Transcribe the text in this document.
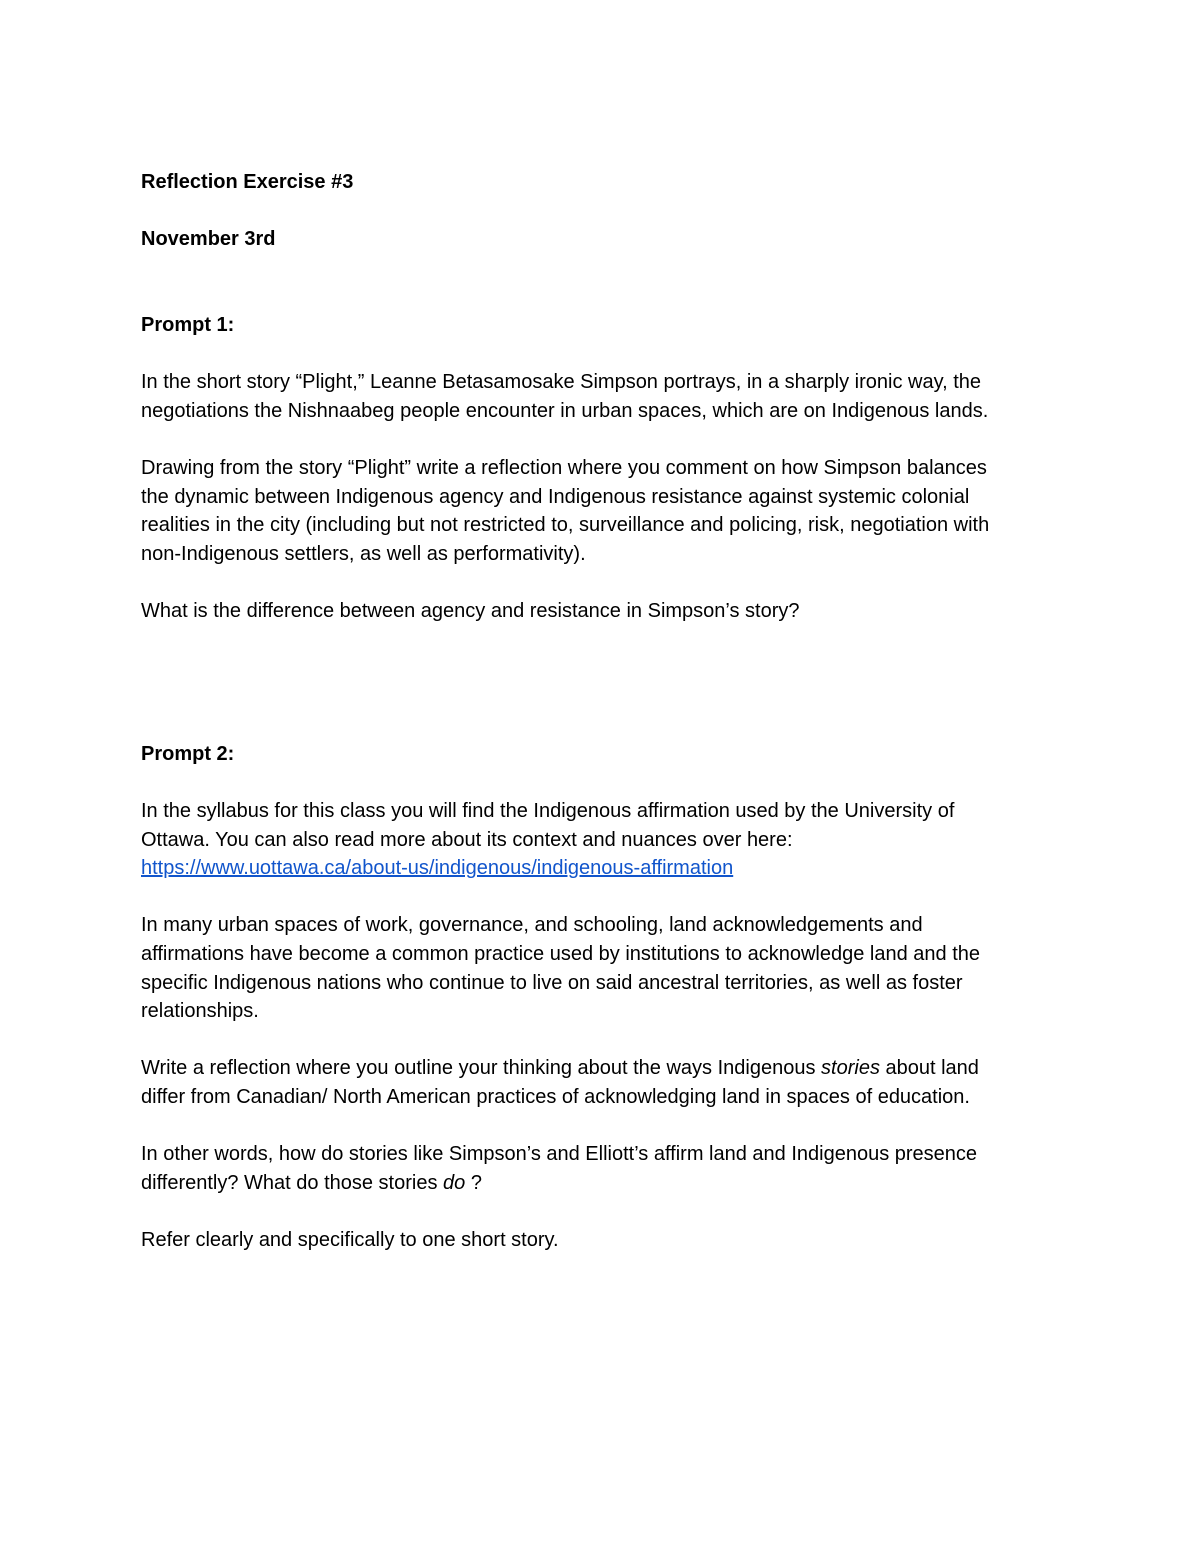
Reflection Exercise #3

November 3rd

Prompt 1:

In the short story “Plight,” Leanne Betasamosake Simpson portrays, in a sharply ironic way, the

negotiations the Nishnaabeg people encounter in urban spaces, which are on Indigenous lands.

Drawing from the story “Plight” write a reflection where you comment on how Simpson balances

the dynamic between Indigenous agency and Indigenous resistance against systemic colonial

realities in the city (including but not restricted to, surveillance and policing, risk, negotiation with

non-Indigenous settlers, as well as performativity).

What is the difference between agency and resistance in Simpson’s story?

Prompt 2:

In the syllabus for this class you will find the Indigenous affirmation used by the University of

Ottawa. You can also read more about its context and nuances over here:

https://www.uottawa.ca/about-us/indigenous/indigenous-affirmation

In many urban spaces of work, governance, and schooling, land acknowledgements and

affirmations have become a common practice used by institutions to acknowledge land and the

specific Indigenous nations who continue to live on said ancestral territories, as well as foster

relationships.

Write a reflection where you outline your thinking about the ways Indigenous stories about land

differ from Canadian/ North American practices of acknowledging land in spaces of education.

In other words, how do stories like Simpson’s and Elliott’s affirm land and Indigenous presence

differently? What do those stories do ?

Refer clearly and specifically to one short story.
